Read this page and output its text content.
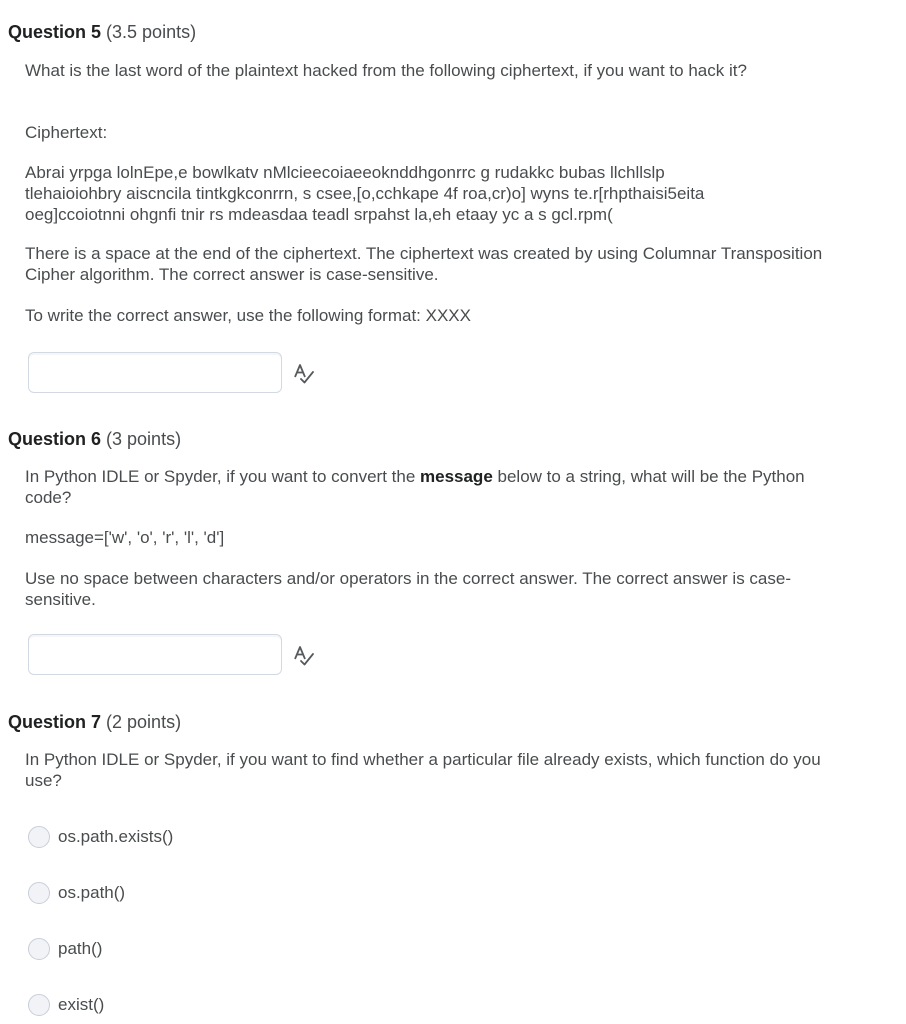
Question 5 (3.5 points)
What is the last word of the plaintext hacked from the following ciphertext, if you want to hack it?
Ciphertext:
Abrai yrpga lolnEpe,e bowlkatv nMlcieecoiaeeoknddhgonrrc g rudakkc bubas llchllslp
tlehaioiohbry aiscncila tintkgkconrrn, s csee,[o,cchkape 4f roa,cr)o] wyns te.r[rhpthaisi5eita
oeg]ccoiotnni ohgnfi tnir rs mdeasdaa teadl srpahst la,eh etaay yc a s gcl.rpm(
There is a space at the end of the ciphertext. The ciphertext was created by using Columnar Transposition Cipher algorithm. The correct answer is case-sensitive.
To write the correct answer, use the following format: XXXX
Question 6 (3 points)
In Python IDLE or Spyder, if you want to convert the message below to a string, what will be the Python code?
message=['w', 'o', 'r', 'l', 'd']
Use no space between characters and/or operators in the correct answer. The correct answer is case-sensitive.
Question 7 (2 points)
In Python IDLE or Spyder, if you want to find whether a particular file already exists, which function do you use?
os.path.exists()
os.path()
path()
exist()
